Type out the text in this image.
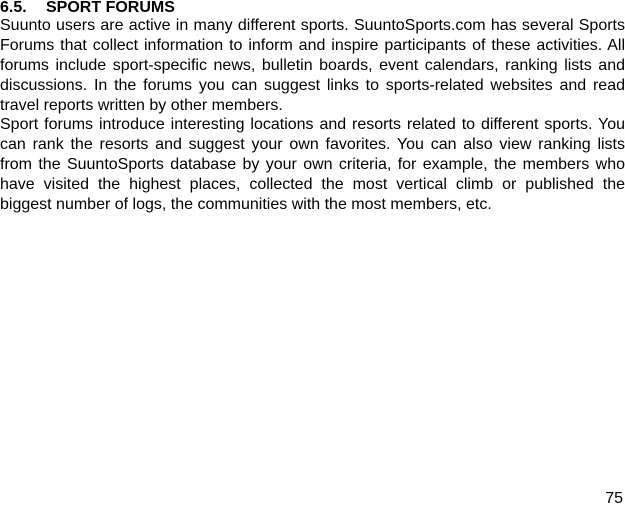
6.5. SPORT FORUMS

Suunto users are active in many different sports. SuuntoSports.com has several Sports Forums that collect information to inform and inspire participants of these activities. All forums include sport-specific news, bulletin boards, event calendars, ranking lists and discussions. In the forums you can suggest links to sports-related websites and read travel reports written by other members.

Sport forums introduce interesting locations and resorts related to different sports. You can rank the resorts and suggest your own favorites. You can also view ranking lists from the SuuntoSports database by your own criteria, for example, the members who have visited the highest places, collected the most vertical climb or published the biggest number of logs, the communities with the most members, etc.

75
